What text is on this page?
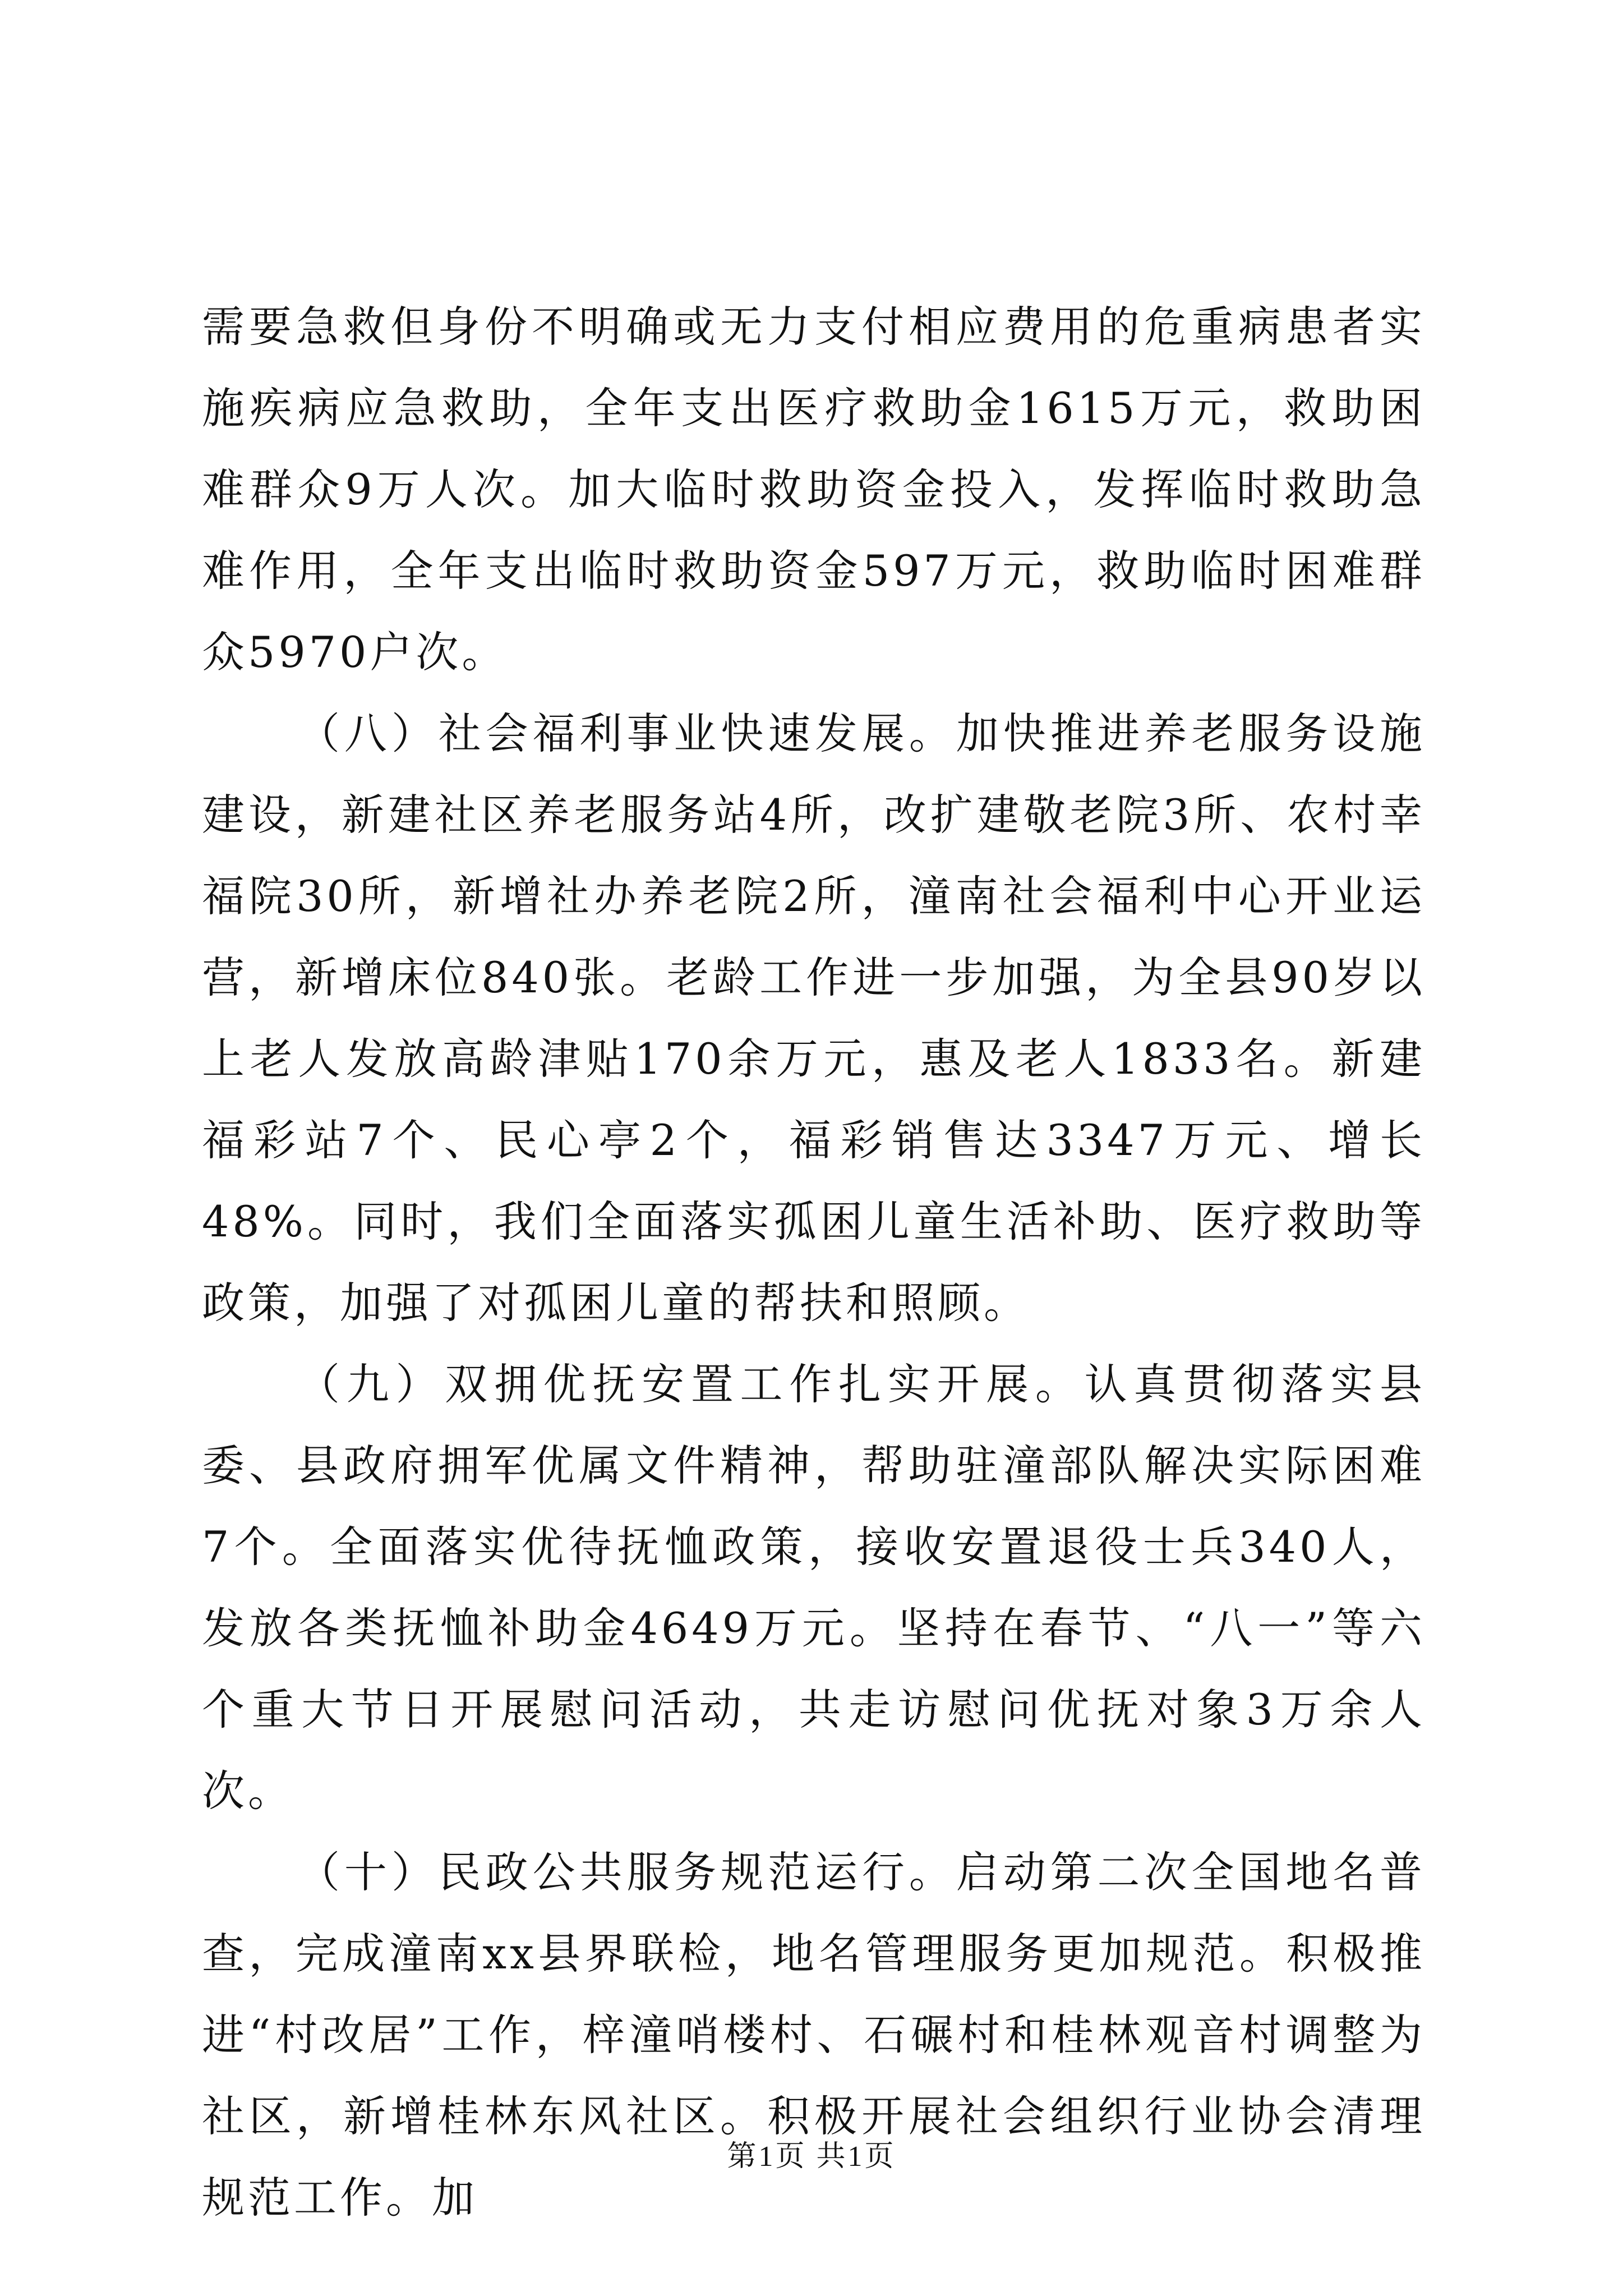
需要急救但身份不明确或无力支付相应费用的危重病患者实施疾病应急救助，全年支出医疗救助金1615万元，救助困难群众9万人次。加大临时救助资金投入，发挥临时救助急难作用，全年支出临时救助资金597万元，救助临时困难群众5970户次。

（八）社会福利事业快速发展。加快推进养老服务设施建设，新建社区养老服务站4所，改扩建敬老院3所、农村幸福院30所，新增社办养老院2所，潼南社会福利中心开业运营，新增床位840张。老龄工作进一步加强，为全县90岁以上老人发放高龄津贴170余万元，惠及老人1833名。新建福彩站7个、民心亭2个，福彩销售达3347万元、增长48%。同时，我们全面落实孤困儿童生活补助、医疗救助等政策，加强了对孤困儿童的帮扶和照顾。

（九）双拥优抚安置工作扎实开展。认真贯彻落实县委、县政府拥军优属文件精神，帮助驻潼部队解决实际困难7个。全面落实优待抚恤政策，接收安置退役士兵340人，发放各类抚恤补助金4649万元。坚持在春节、“八一”等六个重大节日开展慰问活动，共走访慰问优抚对象3万余人次。

（十）民政公共服务规范运行。启动第二次全国地名普查，完成潼南xx县界联检，地名管理服务更加规范。积极推进“村改居”工作，梓潼哨楼村、石碾村和桂林观音村调整为社区，新增桂林东风社区。积极开展社会组织行业协会清理规范工作。加

第1页 共1页
